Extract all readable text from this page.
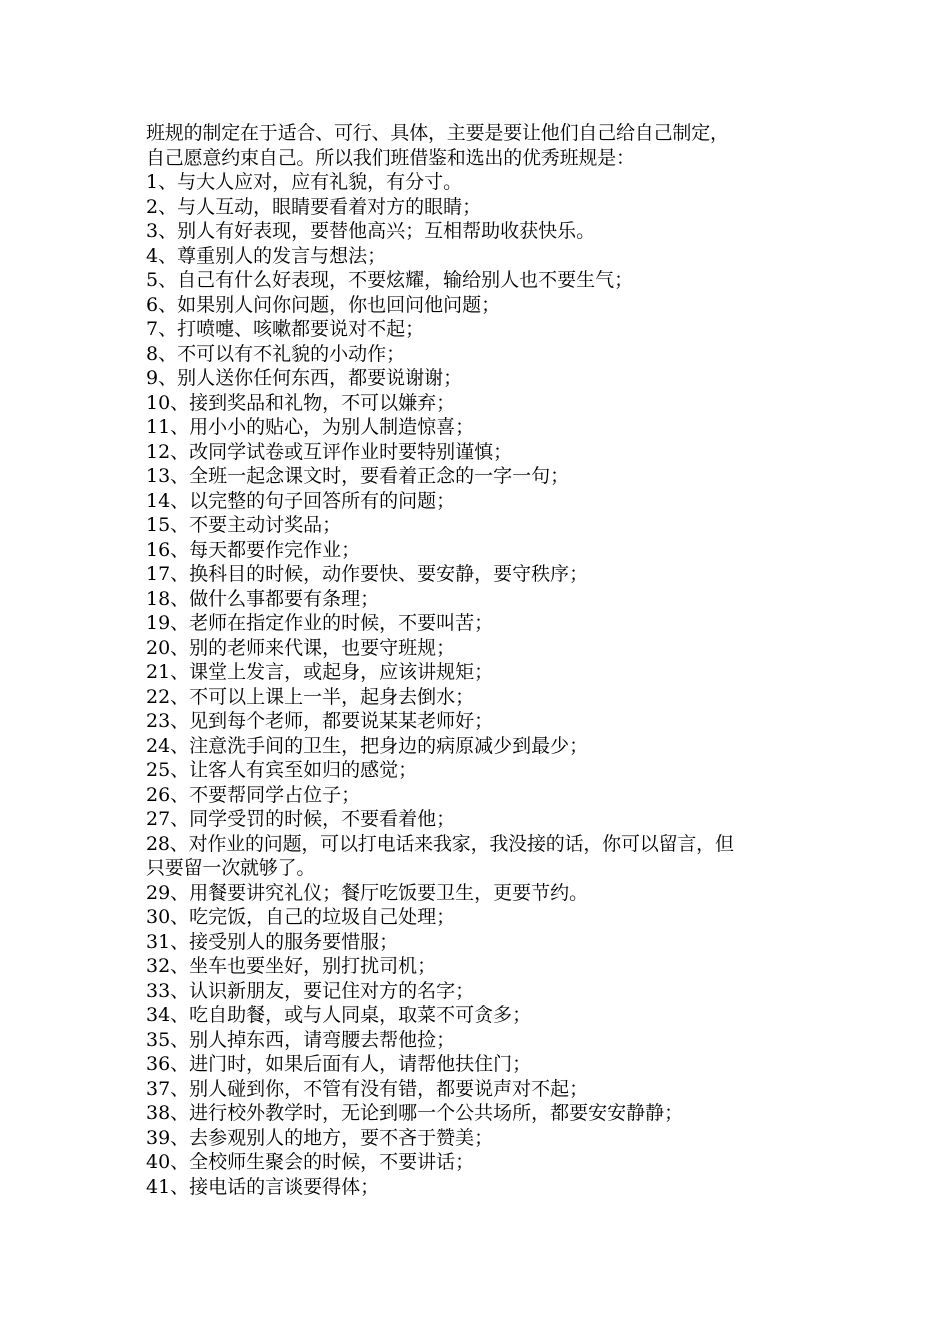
班规的制定在于适合、可行、具体，主要是要让他们自己给自己制定，
自己愿意约束自己。所以我们班借鉴和选出的优秀班规是：
1、与大人应对，应有礼貌，有分寸。
2、与人互动，眼睛要看着对方的眼睛；
3、别人有好表现，要替他高兴；互相帮助收获快乐。
4、尊重别人的发言与想法；
5、自己有什么好表现，不要炫耀，输给别人也不要生气；
6、如果别人问你问题，你也回问他问题；
7、打喷嚏、咳嗽都要说对不起；
8、不可以有不礼貌的小动作；
9、别人送你任何东西，都要说谢谢；
10、接到奖品和礼物，不可以嫌弃；
11、用小小的贴心，为别人制造惊喜；
12、改同学试卷或互评作业时要特别谨慎；
13、全班一起念课文时，要看着正念的一字一句；
14、以完整的句子回答所有的问题；
15、不要主动讨奖品；
16、每天都要作完作业；
17、换科目的时候，动作要快、要安静，要守秩序；
18、做什么事都要有条理；
19、老师在指定作业的时候，不要叫苦；
20、别的老师来代课，也要守班规；
21、课堂上发言，或起身，应该讲规矩；
22、不可以上课上一半，起身去倒水；
23、见到每个老师，都要说某某老师好；
24、注意洗手间的卫生，把身边的病原减少到最少；
25、让客人有宾至如归的感觉；
26、不要帮同学占位子；
27、同学受罚的时候，不要看着他；
28、对作业的问题，可以打电话来我家，我没接的话，你可以留言，但
只要留一次就够了。
29、用餐要讲究礼仪；餐厅吃饭要卫生，更要节约。
30、吃完饭，自己的垃圾自己处理；
31、接受别人的服务要惜服；
32、坐车也要坐好，别打扰司机；
33、认识新朋友，要记住对方的名字；
34、吃自助餐，或与人同桌，取菜不可贪多；
35、别人掉东西，请弯腰去帮他捡；
36、进门时，如果后面有人，请帮他扶住门；
37、别人碰到你，不管有没有错，都要说声对不起；
38、进行校外教学时，无论到哪一个公共场所，都要安安静静；
39、去参观别人的地方，要不吝于赞美；
40、全校师生聚会的时候，不要讲话；
41、接电话的言谈要得体；
